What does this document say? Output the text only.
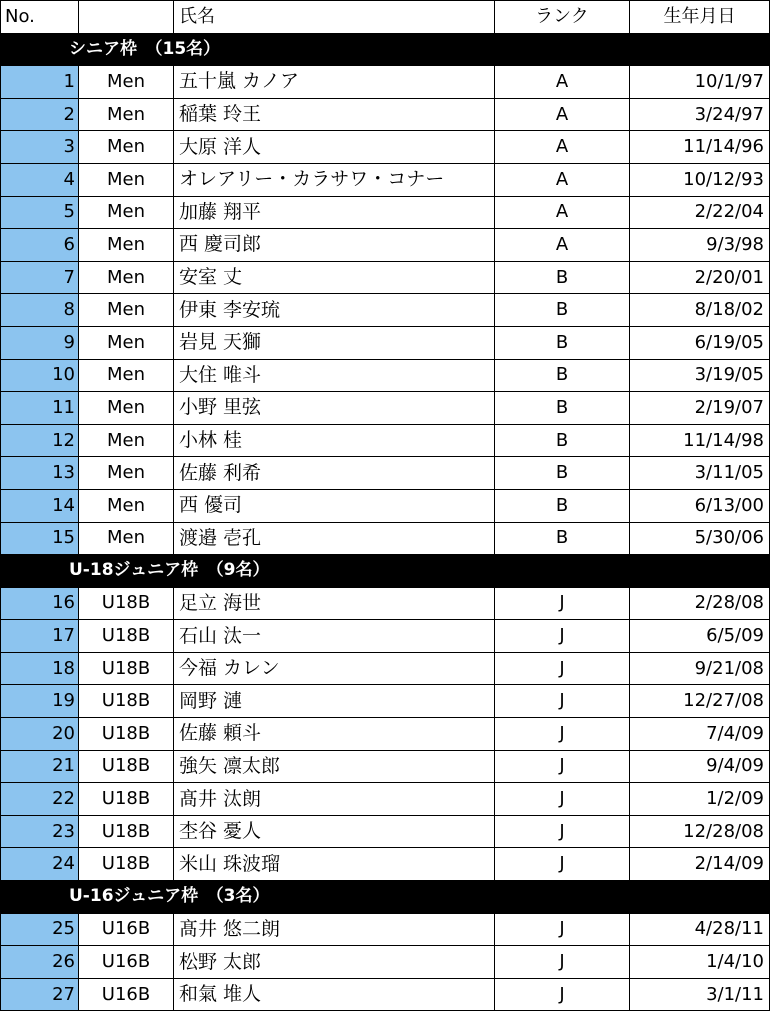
No.		氏名	ランク	生年月日
シニア枠　（15名）				
1	Men	五十嵐 カノア	A	10/1/97
2	Men	稲葉 玲王	A	3/24/97
3	Men	大原 洋人	A	11/14/96
4	Men	オレアリー・カラサワ・コナー	A	10/12/93
5	Men	加藤 翔平	A	2/22/04
6	Men	西 慶司郎	A	9/3/98
7	Men	安室 丈	B	2/20/01
8	Men	伊東 李安琉	B	8/18/02
9	Men	岩見 天獅	B	6/19/05
10	Men	大住 唯斗	B	3/19/05
11	Men	小野 里弦	B	2/19/07
12	Men	小林 桂	B	11/14/98
13	Men	佐藤 利希	B	3/11/05
14	Men	西 優司	B	6/13/00
15	Men	渡邉 壱孔	B	5/30/06
U-18ジュニア枠　（9名）				
16	U18B	足立 海世	J	2/28/08
17	U18B	石山 汰一	J	6/5/09
18	U18B	今福 カレン	J	9/21/08
19	U18B	岡野 漣	J	12/27/08
20	U18B	佐藤 頼斗	J	7/4/09
21	U18B	強矢 凛太郎	J	9/4/09
22	U18B	髙井 汰朗	J	1/2/09
23	U18B	杢谷 憂人	J	12/28/08
24	U18B	米山 珠波瑠	J	2/14/09
U-16ジュニア枠　（3名）				
25	U16B	髙井 悠二朗	J	4/28/11
26	U16B	松野 太郎	J	1/4/10
27	U16B	和氣 堆人	J	3/1/11
